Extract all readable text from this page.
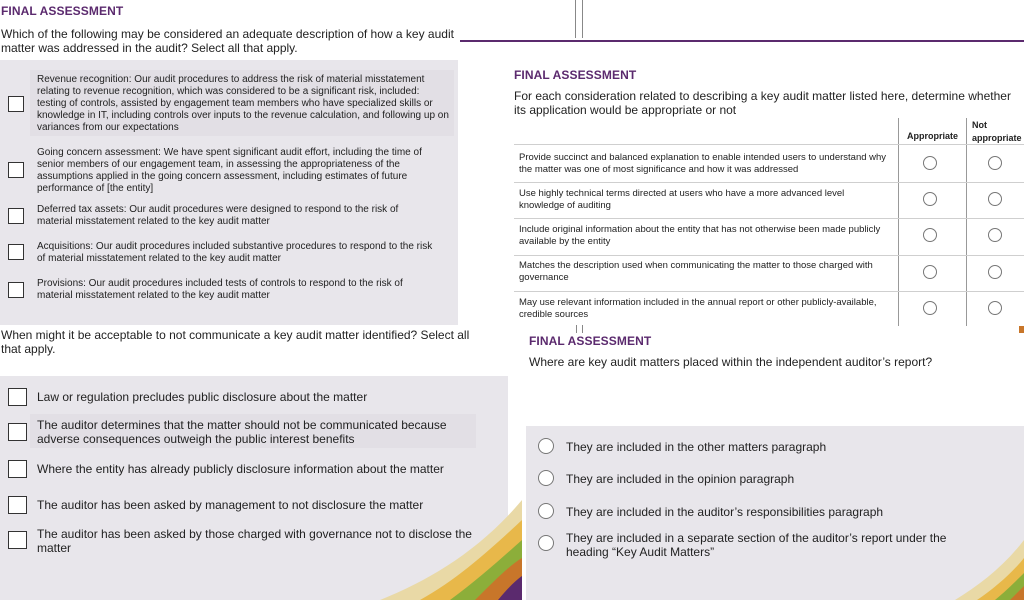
FINAL ASSESSMENT
Which of the following may be considered an adequate description of how a key audit
matter was addressed in the audit? Select all that apply.
Revenue recognition: Our audit procedures to address the risk of material misstatement relating to revenue recognition, which was considered to be a significant risk, included: testing of controls, assisted by engagement team members who have specialized skills or knowledge in IT, including controls over inputs to the revenue calculation, and following up on variances from our expectations
Going concern assessment: We have spent significant audit effort, including the time of senior members of our engagement team, in assessing the appropriateness of the assumptions applied in the going concern assessment, including estimates of future performance of [the entity]
Deferred tax assets: Our audit procedures were designed to respond to the risk of material misstatement related to the key audit matter
Acquisitions: Our audit procedures included substantive procedures to respond to the risk of material misstatement related to the key audit matter
Provisions: Our audit procedures included tests of controls to respond to the risk of material misstatement related to the key audit matter
When might it be acceptable to not communicate a key audit matter identified? Select all that apply.
Law or regulation precludes public disclosure about the matter
The auditor determines that the matter should not be communicated because adverse consequences outweigh the public interest benefits
Where the entity has already publicly disclosure information about the matter
The auditor has been asked by management to not disclosure the matter
The auditor has been asked by those charged with governance not to disclose the matter
FINAL ASSESSMENT
For each consideration related to describing a key audit matter listed here, determine whether its application would be appropriate or not
Appropriate
Not
appropriate
Provide succinct and balanced explanation to enable intended users to understand why the matter was one of most significance and how it was addressed
Use highly technical terms directed at users who have a more advanced level knowledge of auditing
Include original information about the entity that has not otherwise been made publicly available by the entity
Matches the description used when communicating the matter to those charged with governance
May use relevant information included in the annual report or other publicly-available, credible sources
FINAL ASSESSMENT
Where are key audit matters placed within the independent auditor’s report?
They are included in the other matters paragraph
They are included in the opinion paragraph
They are included in the auditor’s responsibilities paragraph
They are included in a separate section of the auditor’s report under the heading “Key Audit Matters”
